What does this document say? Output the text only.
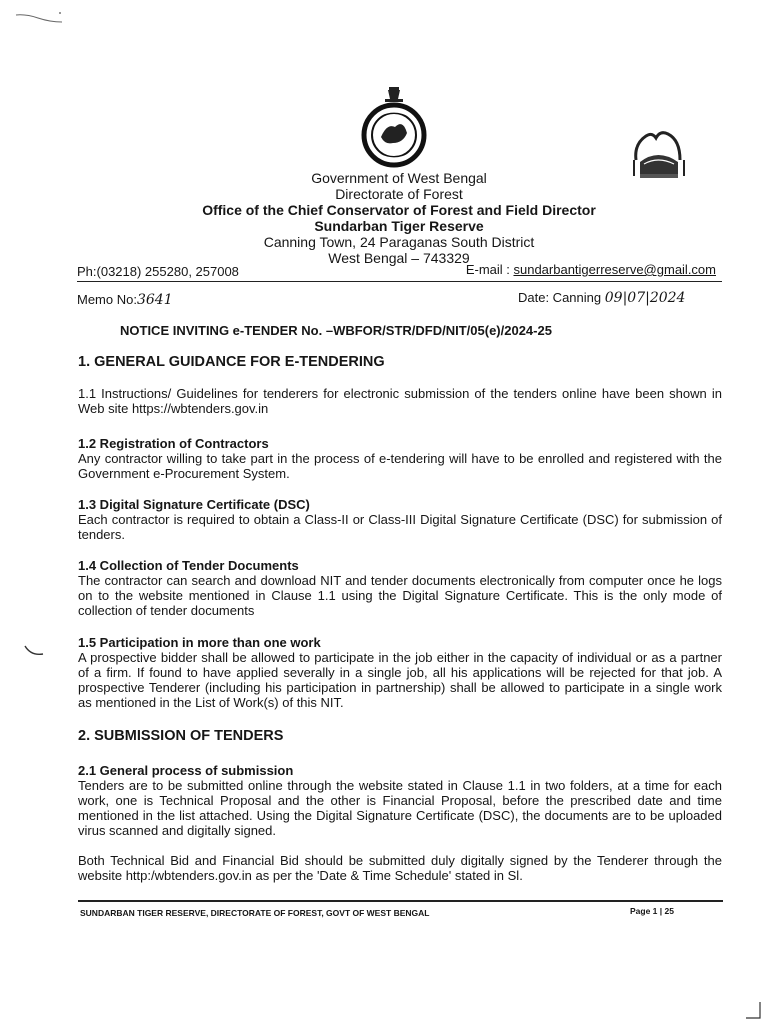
Government of West Bengal
Directorate of Forest
Office of the Chief Conservator of Forest and Field Director
Sundarban Tiger Reserve
Canning Town, 24 Paraganas South District
West Bengal – 743329
Ph:(03218) 255280, 257008	E-mail : sundarbantigerreserve@gmail.com
Memo No:3641	Date: Canning 09|07|2024
NOTICE INVITING e-TENDER No. –WBFOR/STR/DFD/NIT/05(e)/2024-25
1. GENERAL GUIDANCE FOR E-TENDERING
1.1 Instructions/ Guidelines for tenderers for electronic submission of the tenders online have been shown in Web site https://wbtenders.gov.in
1.2 Registration of Contractors
Any contractor willing to take part in the process of e-tendering will have to be enrolled and registered with the Government e-Procurement System.
1.3 Digital Signature Certificate (DSC)
Each contractor is required to obtain a Class-II or Class-III Digital Signature Certificate (DSC) for submission of tenders.
1.4 Collection of Tender Documents
The contractor can search and download NIT and tender documents electronically from computer once he logs on to the website mentioned in Clause 1.1 using the Digital Signature Certificate. This is the only mode of collection of tender documents
1.5 Participation in more than one work
A prospective bidder shall be allowed to participate in the job either in the capacity of individual or as a partner of a firm. If found to have applied severally in a single job, all his applications will be rejected for that job. A prospective Tenderer (including his participation in partnership) shall be allowed to participate in a single work as mentioned in the List of Work(s) of this NIT.
2. SUBMISSION OF TENDERS
2.1 General process of submission
Tenders are to be submitted online through the website stated in Clause 1.1 in two folders, at a time for each work, one is Technical Proposal and the other is Financial Proposal, before the prescribed date and time mentioned in the list attached. Using the Digital Signature Certificate (DSC), the documents are to be uploaded virus scanned and digitally signed.
Both Technical Bid and Financial Bid should be submitted duly digitally signed by the Tenderer through the website http:/wbtenders.gov.in as per the 'Date & Time Schedule' stated in Sl.
SUNDARBAN TIGER RESERVE, DIRECTORATE OF FOREST, GOVT OF WEST BENGAL	Page 1 | 25
